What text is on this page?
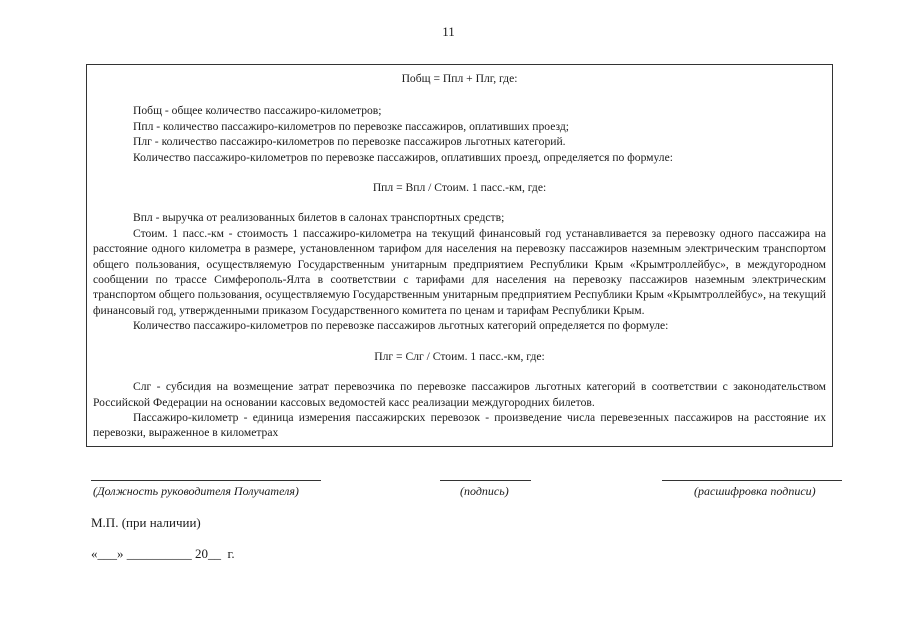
11

Побщ = Ппл + Плг, где:

Побщ - общее количество пассажиро-километров;

Ппл - количество пассажиро-километров по перевозке пассажиров, оплативших проезд;

Плг - количество пассажиро-километров по перевозке пассажиров льготных категорий.

Количество пассажиро-километров по перевозке пассажиров, оплативших проезд, определяется по формуле:

Ппл = Впл / Стоим. 1 пасс.-км, где:

Впл - выручка от реализованных билетов в салонах транспортных средств;

Стоим. 1 пасс.-км - стоимость 1 пассажиро-километра на текущий финансовый год устанавливается за перевозку одного пассажира на расстояние одного километра в размере, установленном тарифом для населения на перевозку пассажиров наземным электрическим транспортом общего пользования, осуществляемую Государственным унитарным предприятием Республики Крым «Крымтроллейбус», в междугородном сообщении по трассе Симферополь-Ялта в соответствии с тарифами для населения на перевозку пассажиров наземным электрическим транспортом общего пользования, осуществляемую Государственным унитарным предприятием Республики Крым «Крымтроллейбус», на текущий финансовый год, утвержденными приказом Государственного комитета по ценам и тарифам Республики Крым.

Количество пассажиро-километров по перевозке пассажиров льготных категорий определяется по формуле:

Плг = Слг / Стоим. 1 пасс.-км, где:

Слг - субсидия на возмещение затрат перевозчика по перевозке пассажиров льготных категорий в соответствии с законодательством Российской Федерации на основании кассовых ведомостей касс реализации междугородних билетов.

Пассажиро-километр - единица измерения пассажирских перевозок - произведение числа перевезенных пассажиров на расстояние их перевозки, выраженное в километрах

(Должность руководителя Получателя)	(подпись)	(расшифровка подписи)
М.П. (при наличии)
«___» __________ 20__  г.
